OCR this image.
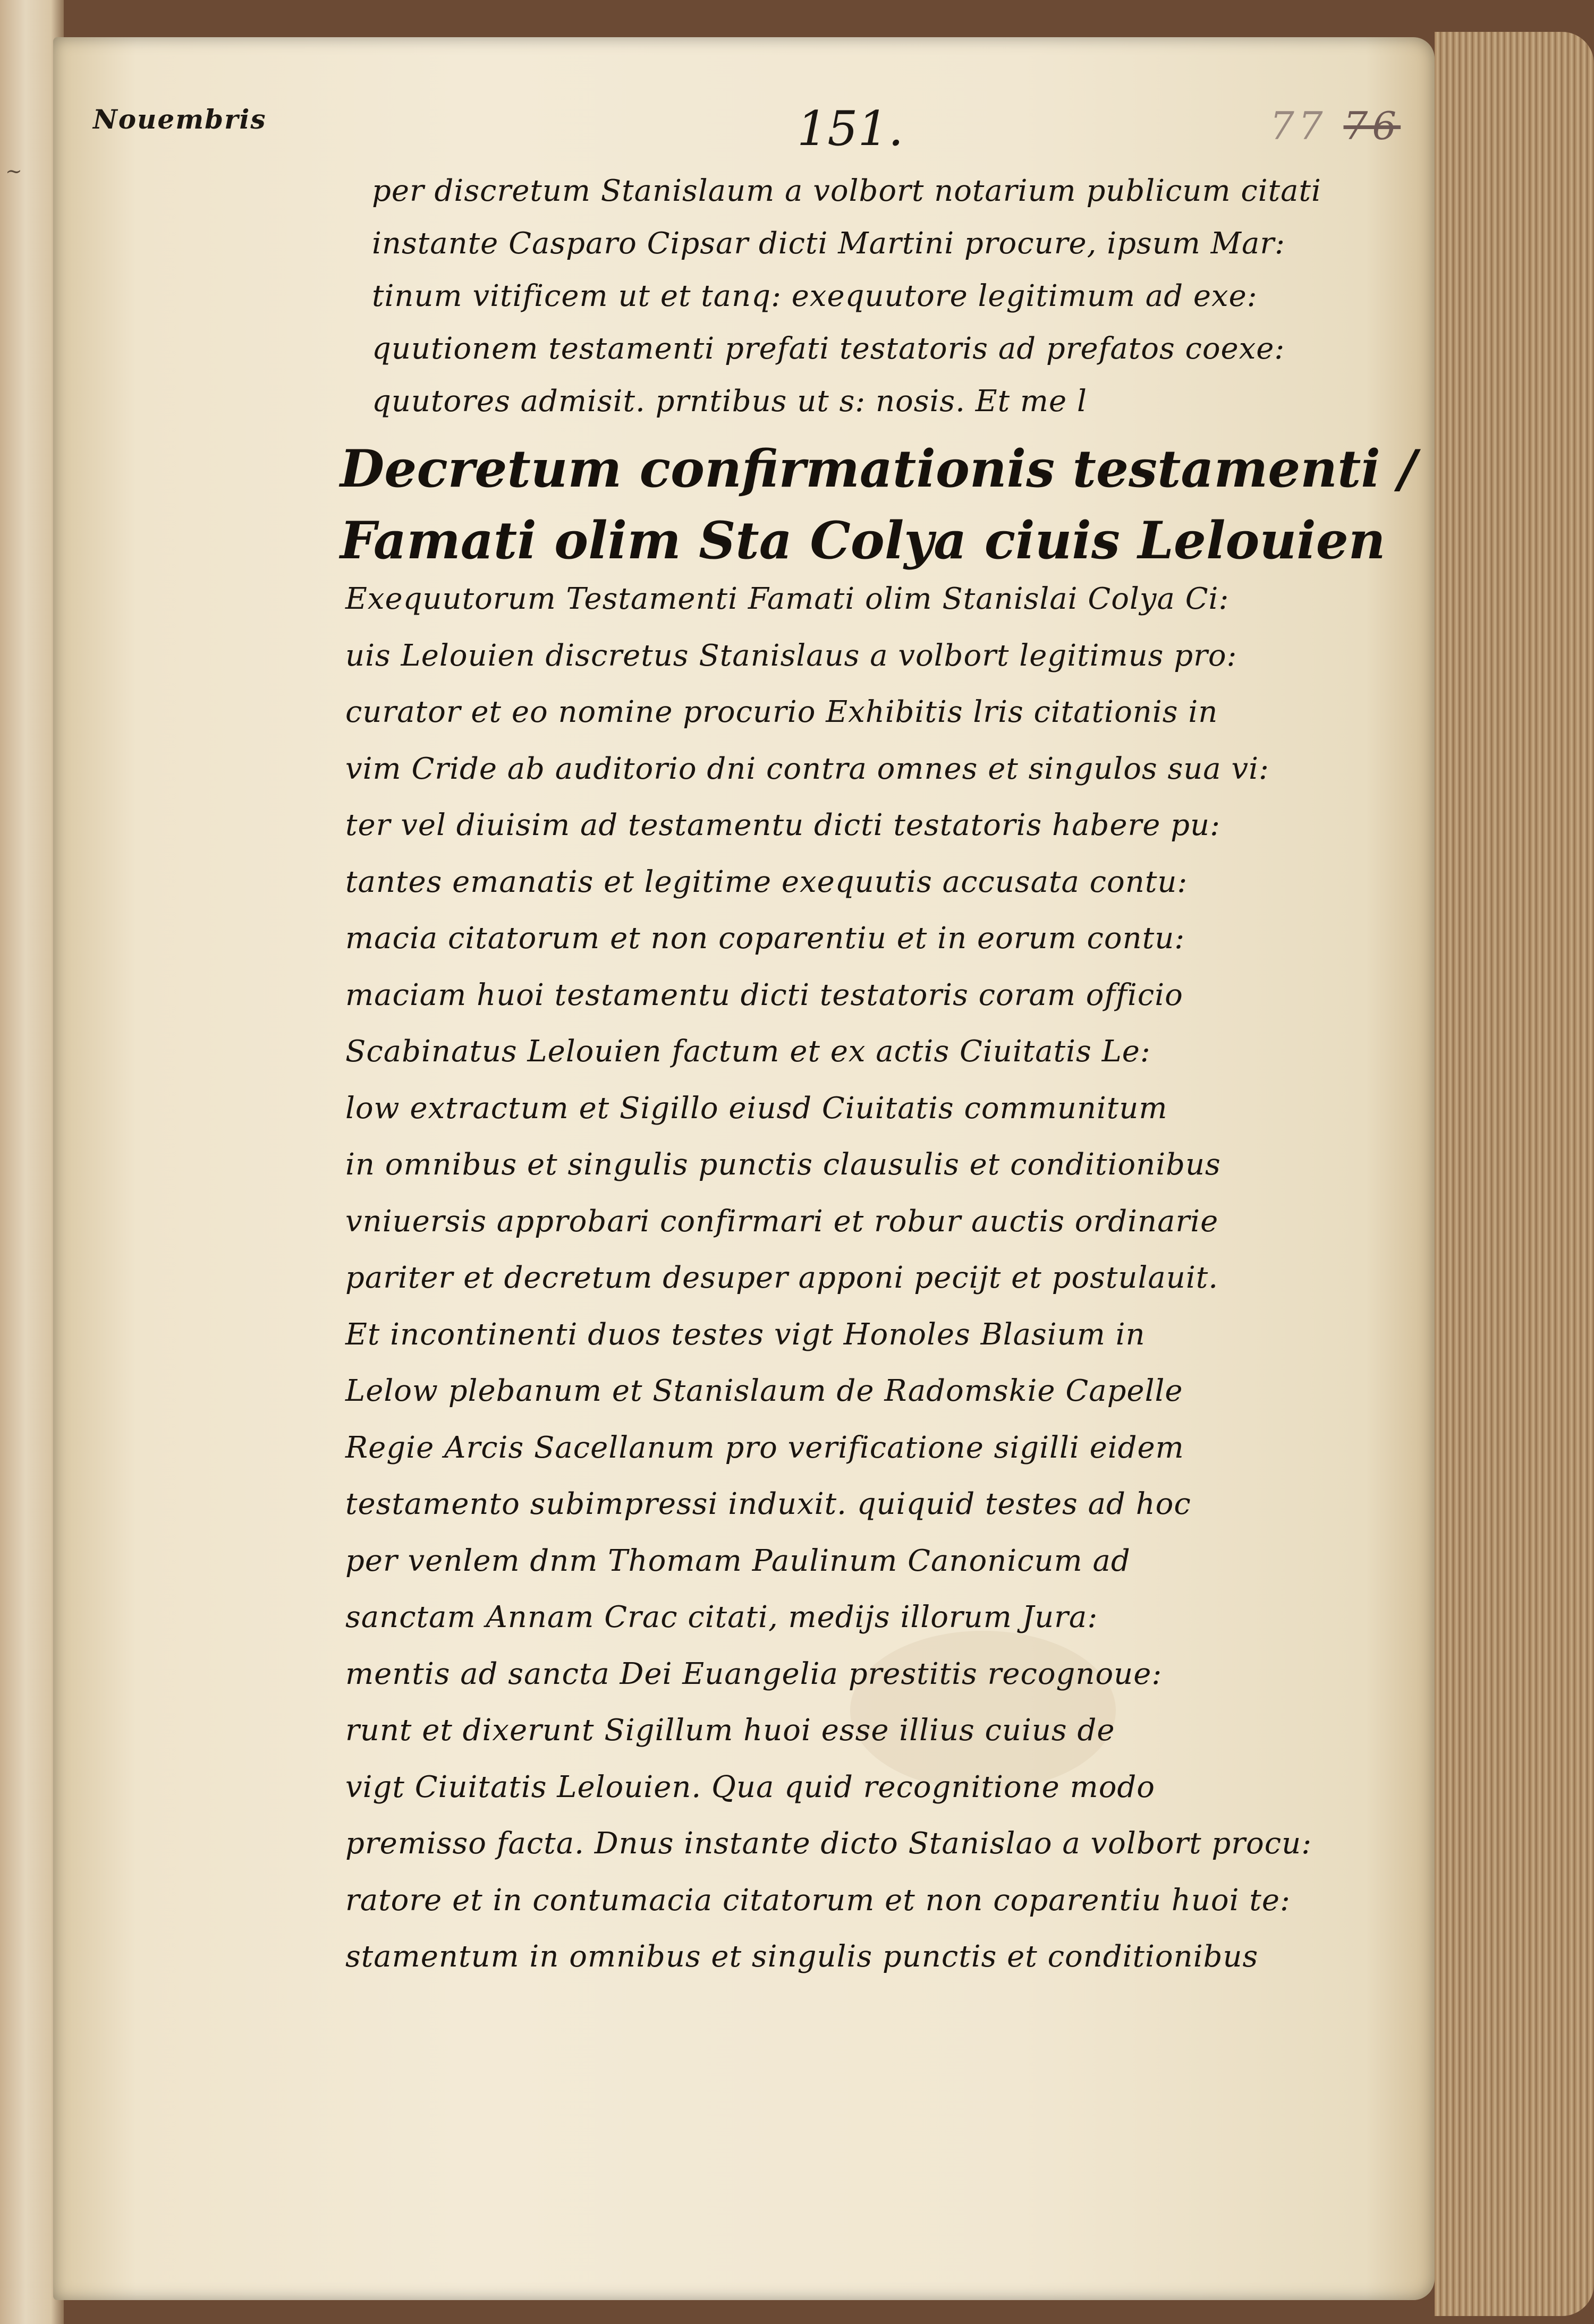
~
Nouembris	151.	77 76
per discretum Stanislaum a volbort notarium publicum citati
instante Casparo Cipsar dicti Martini procure, ipsum Mar:
tinum vitificem ut et tanq: exequutore legitimum ad exe:
quutionem testamenti prefati testatoris ad prefatos coexe:
quutores admisit. prntibus ut s: nosis. Et me l
Decretum confirmationis testamenti /
Famati olim Sta Colya ciuis Lelouien
Exequutorum Testamenti Famati olim Stanislai Colya Ci:
uis Lelouien discretus Stanislaus a volbort legitimus pro:
curator et eo nomine procurio Exhibitis lris citationis in
vim Cride ab auditorio dni contra omnes et singulos sua vi:
ter vel diuisim ad testamentu dicti testatoris habere pu:
tantes emanatis et legitime exequutis accusata contu:
macia citatorum et non coparentiu et in eorum contu:
maciam huoi testamentu dicti testatoris coram officio
Scabinatus Lelouien factum et ex actis Ciuitatis Le:
low extractum et Sigillo eiusd Ciuitatis communitum
in omnibus et singulis punctis clausulis et conditionibus
vniuersis approbari confirmari et robur auctis ordinarie
pariter et decretum desuper apponi pecijt et postulauit.
Et incontinenti duos testes vigt Honoles Blasium in
Lelow plebanum et Stanislaum de Radomskie Capelle
Regie Arcis Sacellanum pro verificatione sigilli eidem
testamento subimpressi induxit. quiquid testes ad hoc
per venlem dnm Thomam Paulinum Canonicum ad
sanctam Annam Crac citati, medijs illorum Jura:
mentis ad sancta Dei Euangelia prestitis recognoue:
runt et dixerunt Sigillum huoi esse illius cuius de
vigt Ciuitatis Lelouien. Qua quid recognitione modo
premisso facta. Dnus instante dicto Stanislao a volbort procu:
ratore et in contumacia citatorum et non coparentiu huoi te:
stamentum in omnibus et singulis punctis et conditionibus
